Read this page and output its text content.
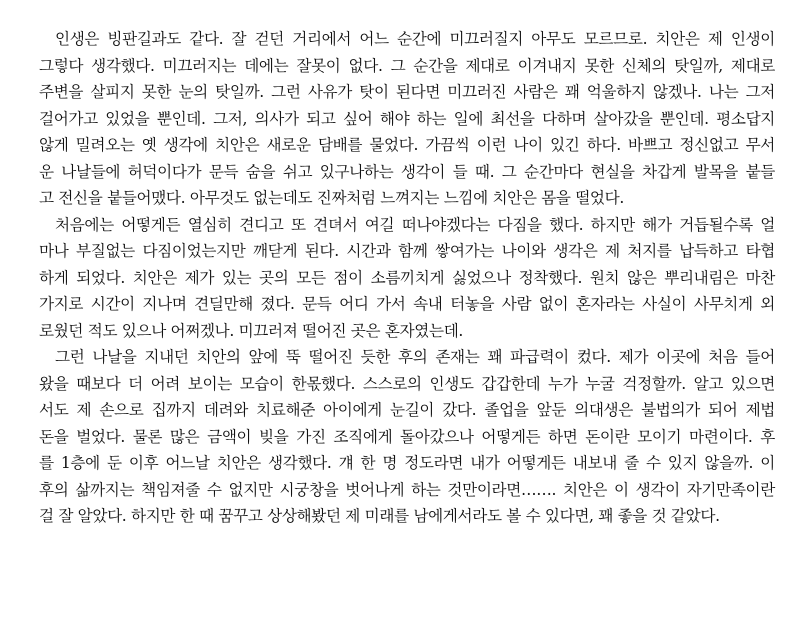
인생은 빙판길과도 같다. 잘 걷던 거리에서 어느 순간에 미끄러질지 아무도 모르므로. 치안은 제 인생이
그렇다 생각했다. 미끄러지는 데에는 잘못이 없다. 그 순간을 제대로 이겨내지 못한 신체의 탓일까, 제대로
주변을 살피지 못한 눈의 탓일까. 그런 사유가 탓이 된다면 미끄러진 사람은 꽤 억울하지 않겠나. 나는 그저
걸어가고 있었을 뿐인데. 그저, 의사가 되고 싶어 해야 하는 일에 최선을 다하며 살아갔을 뿐인데. 평소답지
않게 밀려오는 옛 생각에 치안은 새로운 담배를 물었다. 가끔씩 이런 나이 있긴 하다. 바쁘고 정신없고 무서
운 나날들에 허덕이다가 문득 숨을 쉬고 있구나하는 생각이 들 때. 그 순간마다 현실을 차갑게 발목을 붙들
고 전신을 붙들어맸다. 아무것도 없는데도 진짜처럼 느껴지는 느낌에 치안은 몸을 떨었다.
처음에는 어떻게든 열심히 견디고 또 견뎌서 여길 떠나야겠다는 다짐을 했다. 하지만 해가 거듭될수록 얼
마나 부질없는 다짐이었는지만 깨닫게 된다. 시간과 함께 쌓여가는 나이와 생각은 제 처지를 납득하고 타협
하게 되었다. 치안은 제가 있는 곳의 모든 점이 소름끼치게 싫었으나 정착했다. 원치 않은 뿌리내림은 마찬
가지로 시간이 지나며 견딜만해 졌다. 문득 어디 가서 속내 터놓을 사람 없이 혼자라는 사실이 사무치게 외
로웠던 적도 있으나 어쩌겠나. 미끄러져 떨어진 곳은 혼자였는데.
그런 나날을 지내던 치안의 앞에 뚝 떨어진 듯한 후의 존재는 꽤 파급력이 컸다. 제가 이곳에 처음 들어
왔을 때보다 더 어려 보이는 모습이 한몫했다. 스스로의 인생도 갑갑한데 누가 누굴 걱정할까. 알고 있으면
서도 제 손으로 집까지 데려와 치료해준 아이에게 눈길이 갔다. 졸업을 앞둔 의대생은 불법의가 되어 제법
돈을 벌었다. 물론 많은 금액이 빚을 가진 조직에게 돌아갔으나 어떻게든 하면 돈이란 모이기 마련이다. 후
를 1층에 둔 이후 어느날 치안은 생각했다. 걔 한 명 정도라면 내가 어떻게든 내보내 줄 수 있지 않을까. 이
후의 삶까지는 책임져줄 수 없지만 시궁창을 벗어나게 하는 것만이라면……. 치안은 이 생각이 자기만족이란
걸 잘 알았다. 하지만 한 때 꿈꾸고 상상해봤던 제 미래를 남에게서라도 볼 수 있다면, 꽤 좋을 것 같았다.
